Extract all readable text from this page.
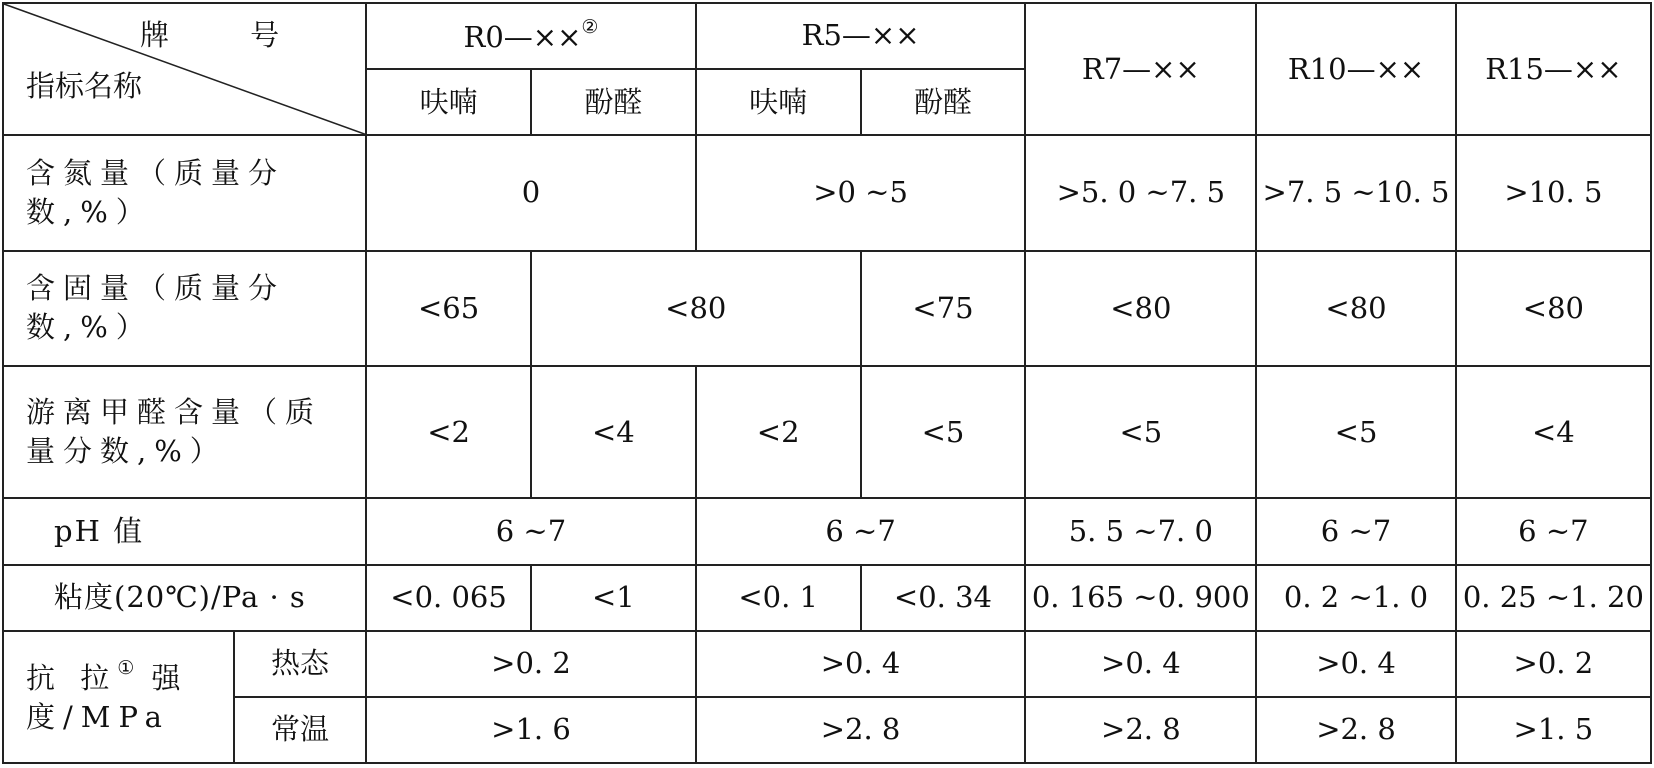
牌 号
指标名称		R0—××②		R5—××		R7—××	R10—××	R15—××
		呋喃	酚醛	呋喃	酚醛			
含氮量（质量分数,%）		0		>0 ~5		>5. 0 ~7. 5	>7. 5 ~10. 5	>10. 5
含固量（质量分数,%）		<65	<80		<75	<80	<80	<80
游离甲醛含量（质量分数,%）		<2	<4	<2	<5	<5	<5	<4
pH 值		6 ~7		6 ~7		5. 5 ~7. 0	6 ~7	6 ~7
粘度(20℃)/Pa · s		<0. 065	<1	<0. 1	<0. 34	0. 165 ~0. 900	0. 2 ~1. 0	0. 25 ~1. 20
抗 拉① 强 度/MPa	热态	>0. 2		>0. 4		>0. 4	>0. 4	>0. 2
	常温	>1. 6		>2. 8		>2. 8	>2. 8	>1. 5
